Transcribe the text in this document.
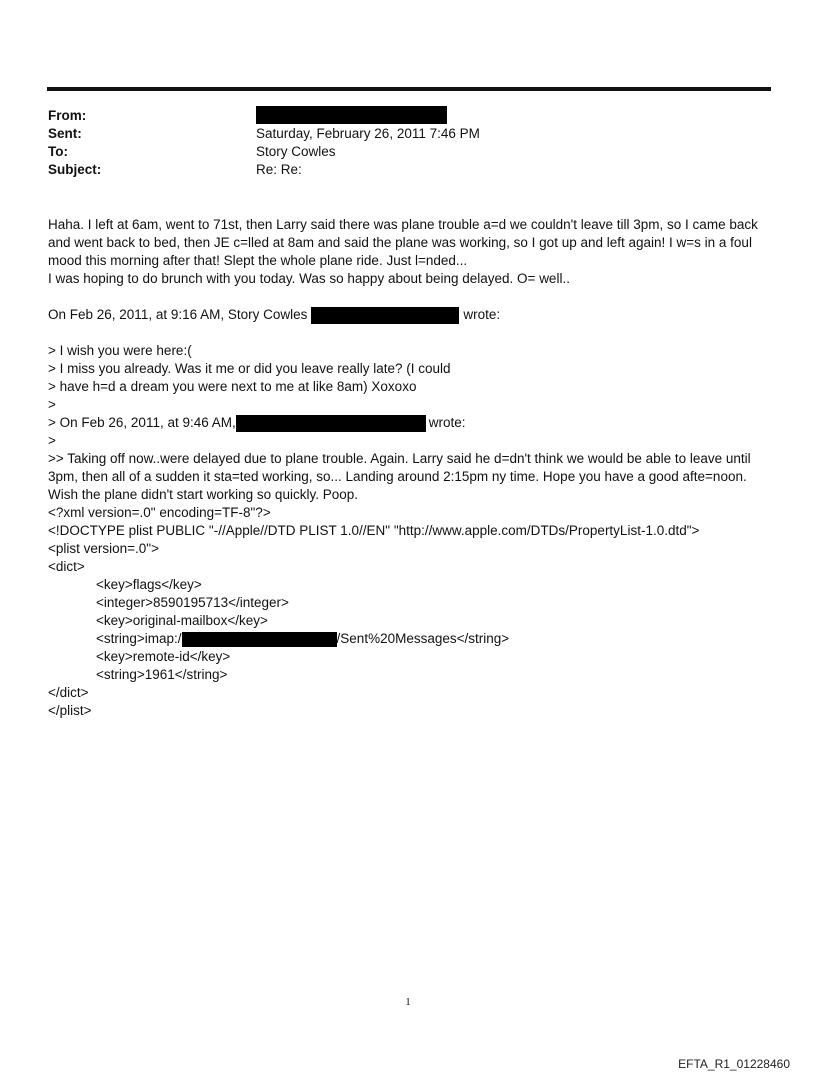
From:
Sent:	Saturday, February 26, 2011 7:46 PM
To:	Story Cowles
Subject:	Re: Re:
Haha. I left at 6am, went to 71st, then Larry said there was plane trouble a=d we couldn't leave till 3pm, so I came back
and went back to bed, then JE c=lled at 8am and said the plane was working, so I got up and left again! I w=s in a foul
mood this morning after that! Slept the whole plane ride. Just l=nded...
I was hoping to do brunch with you today. Was so happy about being delayed. O= well..
On Feb 26, 2011, at 9:16 AM, Story Cowles	wrote:
> I wish you were here:(
> I miss you already. Was it me or did you leave really late? (I could
> have h=d a dream you were next to me at like 8am) Xoxoxo
>
> On Feb 26, 2011, at 9:46 AM,	wrote:
>
>> Taking off now..were delayed due to plane trouble. Again. Larry said he d=dn't think we would be able to leave until
3pm, then all of a sudden it sta=ted working, so... Landing around 2:15pm ny time. Hope you have a good afte=noon.
Wish the plane didn't start working so quickly. Poop.
<?xml version=.0" encoding=TF-8"?>
<!DOCTYPE plist PUBLIC "-//Apple//DTD PLIST 1.0//EN" "http://www.apple.com/DTDs/PropertyList-1.0.dtd">
<plist version=.0">
<dict>
<key>flags</key>
<integer>8590195713</integer>
<key>original-mailbox</key>
<string>imap:/	/Sent%20Messages</string>
<key>remote-id</key>
<string>1961</string>
</dict>
</plist>
1
EFTA_R1_01228460
